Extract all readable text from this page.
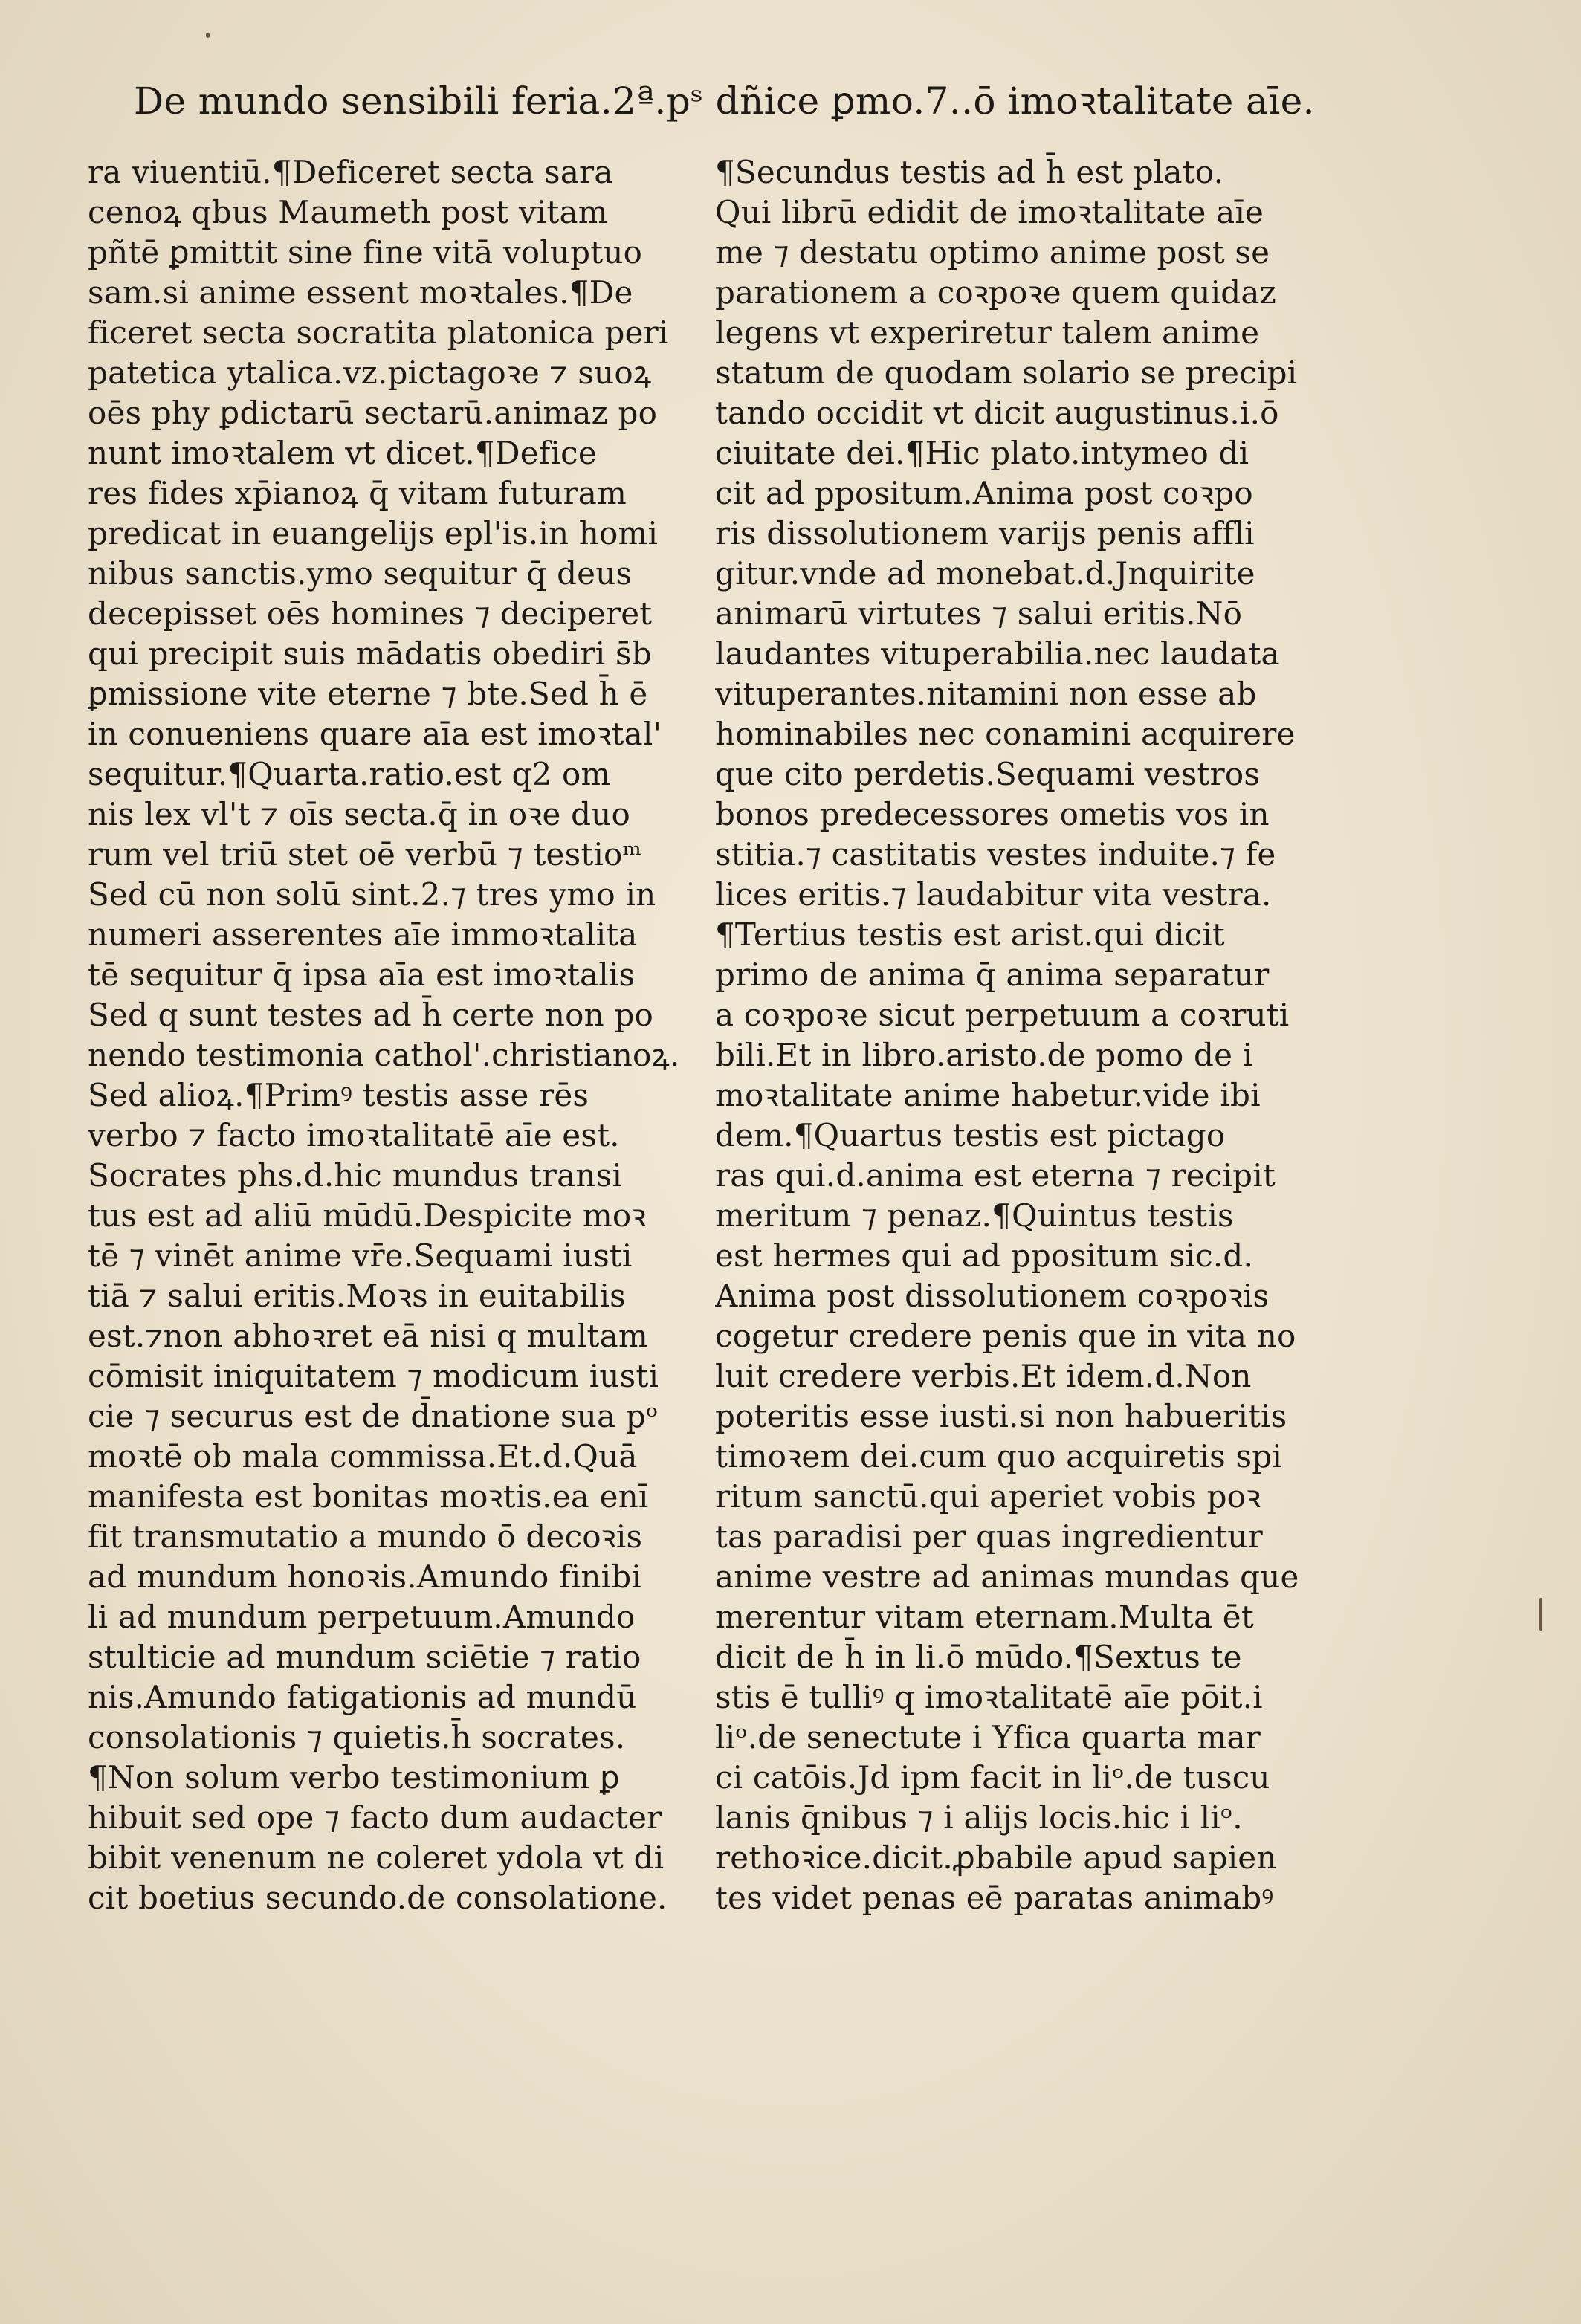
De mundo sensibili feria.2ª.pˢ dñice ꝑmo.7..ō imoꝛtalitate aīe.
ra viuentiū.¶Deficeret secta sara
cenoꝝ qbus Maumeth post vitam
pñtē ꝑmittit sine fine vitā voluptuo
sam.si anime essent moꝛtales.¶De
ficeret secta socratita platonica peri
patetica ytalica.vz.pictagoꝛe ⁊ suoꝝ
oēs phy ꝑdictarū sectarū.animaz po
nunt imoꝛtalem vt dicet.¶Defice
res fides xp̄ianoꝝ q̄ vitam futuram
predicat in euangelijs epl'is.in homi
nibus sanctis.ymo sequitur q̄ deus
decepisset oēs homines ⁊ deciperet
qui precipit suis mādatis obediri s̄b
ꝑmissione vite eterne ⁊ bte.Sed h̄ ē
in conueniens quare aīa est imoꝛtal'
sequitur.¶Quarta.ratio.est q2 om
nis lex vl't ⁊ oīs secta.q̄ in oꝛe duo
rum vel triū stet oē verbū ⁊ testioᵐ
Sed cū non solū sint.2.⁊ tres ymo in
numeri asserentes aīe immoꝛtalita
tē sequitur q̄ ipsa aīa est imoꝛtalis
Sed q sunt testes ad h̄ certe non po
nendo testimonia cathol'.christianoꝝ.
Sed alioꝝ.¶Primꝰ testis asse rēs
verbo ⁊ facto imoꝛtalitatē aīe est.
Socrates phs.d.hic mundus transi
tus est ad aliū mūdū.Despicite moꝛ
tē ⁊ vinēt anime vr̄e.Sequami iusti
tiā ⁊ salui eritis.Moꝛs in euitabilis
est.⁊non abhoꝛret eā nisi q multam
cōmisit iniquitatem ⁊ modicum iusti
cie ⁊ securus est de d̄natione sua pᵒ
moꝛtē ob mala commissa.Et.d.Quā
manifesta est bonitas moꝛtis.ea enī
fit transmutatio a mundo ō decoꝛis
ad mundum honoꝛis.Amundo finibi
li ad mundum perpetuum.Amundo
stulticie ad mundum sciētie ⁊ ratio
nis.Amundo fatigationis ad mundū
consolationis ⁊ quietis.h̄ socrates.
¶Non solum verbo testimonium ꝑ
hibuit sed ope ⁊ facto dum audacter
bibit venenum ne coleret ydola vt di
cit boetius secundo.de consolatione.
¶Secundus testis ad h̄ est plato.
Qui librū edidit de imoꝛtalitate aīe
me ⁊ destatu optimo anime post se
parationem a coꝛpoꝛe quem quidaz
legens vt experiretur talem anime
statum de quodam solario se precipi
tando occidit vt dicit augustinus.i.ō
ciuitate dei.¶Hic plato.intymeo di
cit ad ppositum.Anima post coꝛpo
ris dissolutionem varijs penis affli
gitur.vnde ad monebat.d.Jnquirite
animarū virtutes ⁊ salui eritis.Nō
laudantes vituperabilia.nec laudata
vituperantes.nitamini non esse ab
hominabiles nec conamini acquirere
que cito perdetis.Sequami vestros
bonos predecessores ometis vos in
stitia.⁊ castitatis vestes induite.⁊ fe
lices eritis.⁊ laudabitur vita vestra.
¶Tertius testis est arist.qui dicit
primo de anima q̄ anima separatur
a coꝛpoꝛe sicut perpetuum a coꝛruti
bili.Et in libro.aristo.de pomo de i
moꝛtalitate anime habetur.vide ibi
dem.¶Quartus testis est pictago
ras qui.d.anima est eterna ⁊ recipit
meritum ⁊ penaz.¶Quintus testis
est hermes qui ad ppositum sic.d.
Anima post dissolutionem coꝛpoꝛis
cogetur credere penis que in vita no
luit credere verbis.Et idem.d.Non
poteritis esse iusti.si non habueritis
timoꝛem dei.cum quo acquiretis spi
ritum sanctū.qui aperiet vobis poꝛ
tas paradisi per quas ingredientur
anime vestre ad animas mundas que
merentur vitam eternam.Multa ēt
dicit de h̄ in li.ō mūdo.¶Sextus te
stis ē tulliꝰ q imoꝛtalitatē aīe pōit.i
liᵒ.de senectute i Yfica quarta mar
ci catōis.Jd ipm facit in liᵒ.de tuscu
lanis q̄nibus ⁊ i alijs locis.hic i liᵒ.
rethoꝛice.dicit.ꝓbabile apud sapien
tes videt penas eē paratas animabꝰ
